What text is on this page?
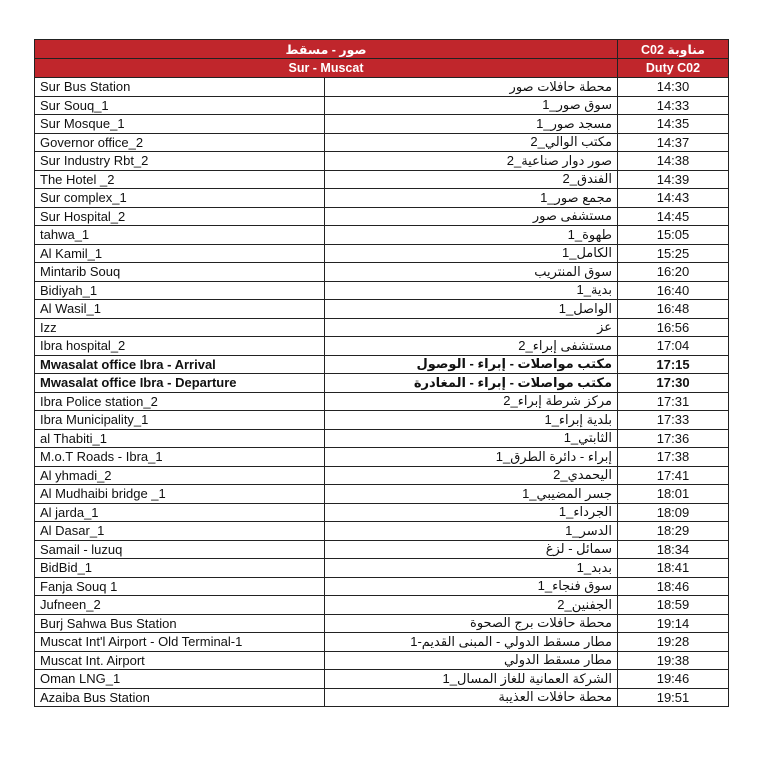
صور - مسقط		مناوبة C02
Sur - Muscat		Duty C02
Sur Bus Station	محطة حافلات صور	14:30
Sur Souq_1	سوق صور_1	14:33
Sur Mosque_1	مسجد صور_1	14:35
Governor office_2	مكتب الوالي_2	14:37
Sur Industry Rbt_2	صور دوار صناعية_2	14:38
The Hotel _2	الفندق_2	14:39
Sur complex_1	مجمع صور_1	14:43
Sur Hospital_2	مستشفى صور	14:45
tahwa_1	طهوة_1	15:05
Al Kamil_1	الكامل_1	15:25
Mintarib Souq	سوق المنتريب	16:20
Bidiyah_1	بدية_1	16:40
Al Wasil_1	الواصل_1	16:48
Izz	عز	16:56
Ibra hospital_2	مستشفى إبراء_2	17:04
Mwasalat office Ibra - Arrival	مكتب مواصلات - إبراء - الوصول	17:15
Mwasalat office Ibra - Departure	مكتب مواصلات - إبراء - المغادرة	17:30
Ibra Police station_2	مركز شرطة إبراء_2	17:31
Ibra Municipality_1	بلدية إبراء_1	17:33
al Thabiti_1	الثابتي_1	17:36
M.o.T Roads - Ibra_1	إبراء - دائرة الطرق_1	17:38
Al yhmadi_2	اليحمدي_2	17:41
Al Mudhaibi bridge _1	جسر المضيبي_1	18:01
Al jarda_1	الجرداء_1	18:09
Al Dasar_1	الدسر_1	18:29
Samail - luzuq	سمائل - لزغ	18:34
BidBid_1	بدبد_1	18:41
Fanja Souq 1	سوق فنجاء_1	18:46
Jufneen_2	الجفنين_2	18:59
Burj Sahwa Bus Station	محطة حافلات برج الصحوة	19:14
Muscat Int'l Airport - Old Terminal-1	مطار مسقط الدولي - المبنى القديم-1	19:28
Muscat Int. Airport	مطار مسقط الدولي	19:38
Oman LNG_1	الشركة العمانية للغاز المسال_1	19:46
Azaiba Bus Station	محطة حافلات العذيبة	19:51
